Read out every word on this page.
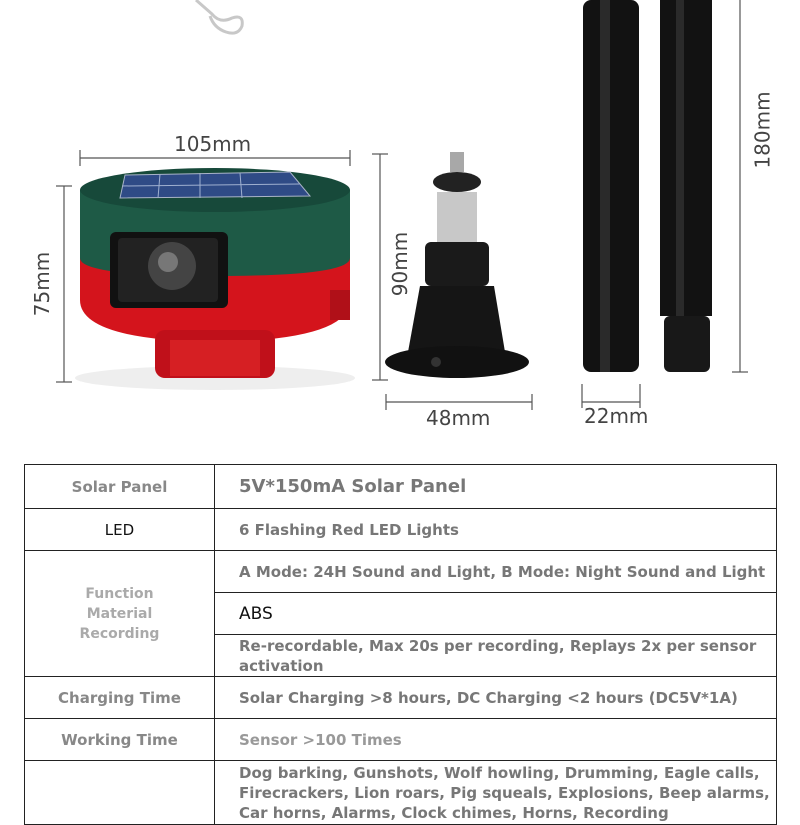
105mm
75mm	90mm
48mm
180mm
22mm
Solar Panel	5V*150mA Solar Panel
LED	6 Flashing Red LED Lights

Function
Material
Recording	A Mode: 24H Sound and Light, B Mode: Night Sound and Light
	ABS
	Re-recordable, Max 20s per recording, Replays 2x per sensor activation
Charging Time	Solar Charging >8 hours, DC Charging <2 hours (DC5V*1A)
Working Time	Sensor >100 Times
	Dog barking, Gunshots, Wolf howling, Drumming, Eagle calls, Firecrackers, Lion roars, Pig squeals, Explosions, Beep alarms, Car horns, Alarms, Clock chimes, Horns, Recording
